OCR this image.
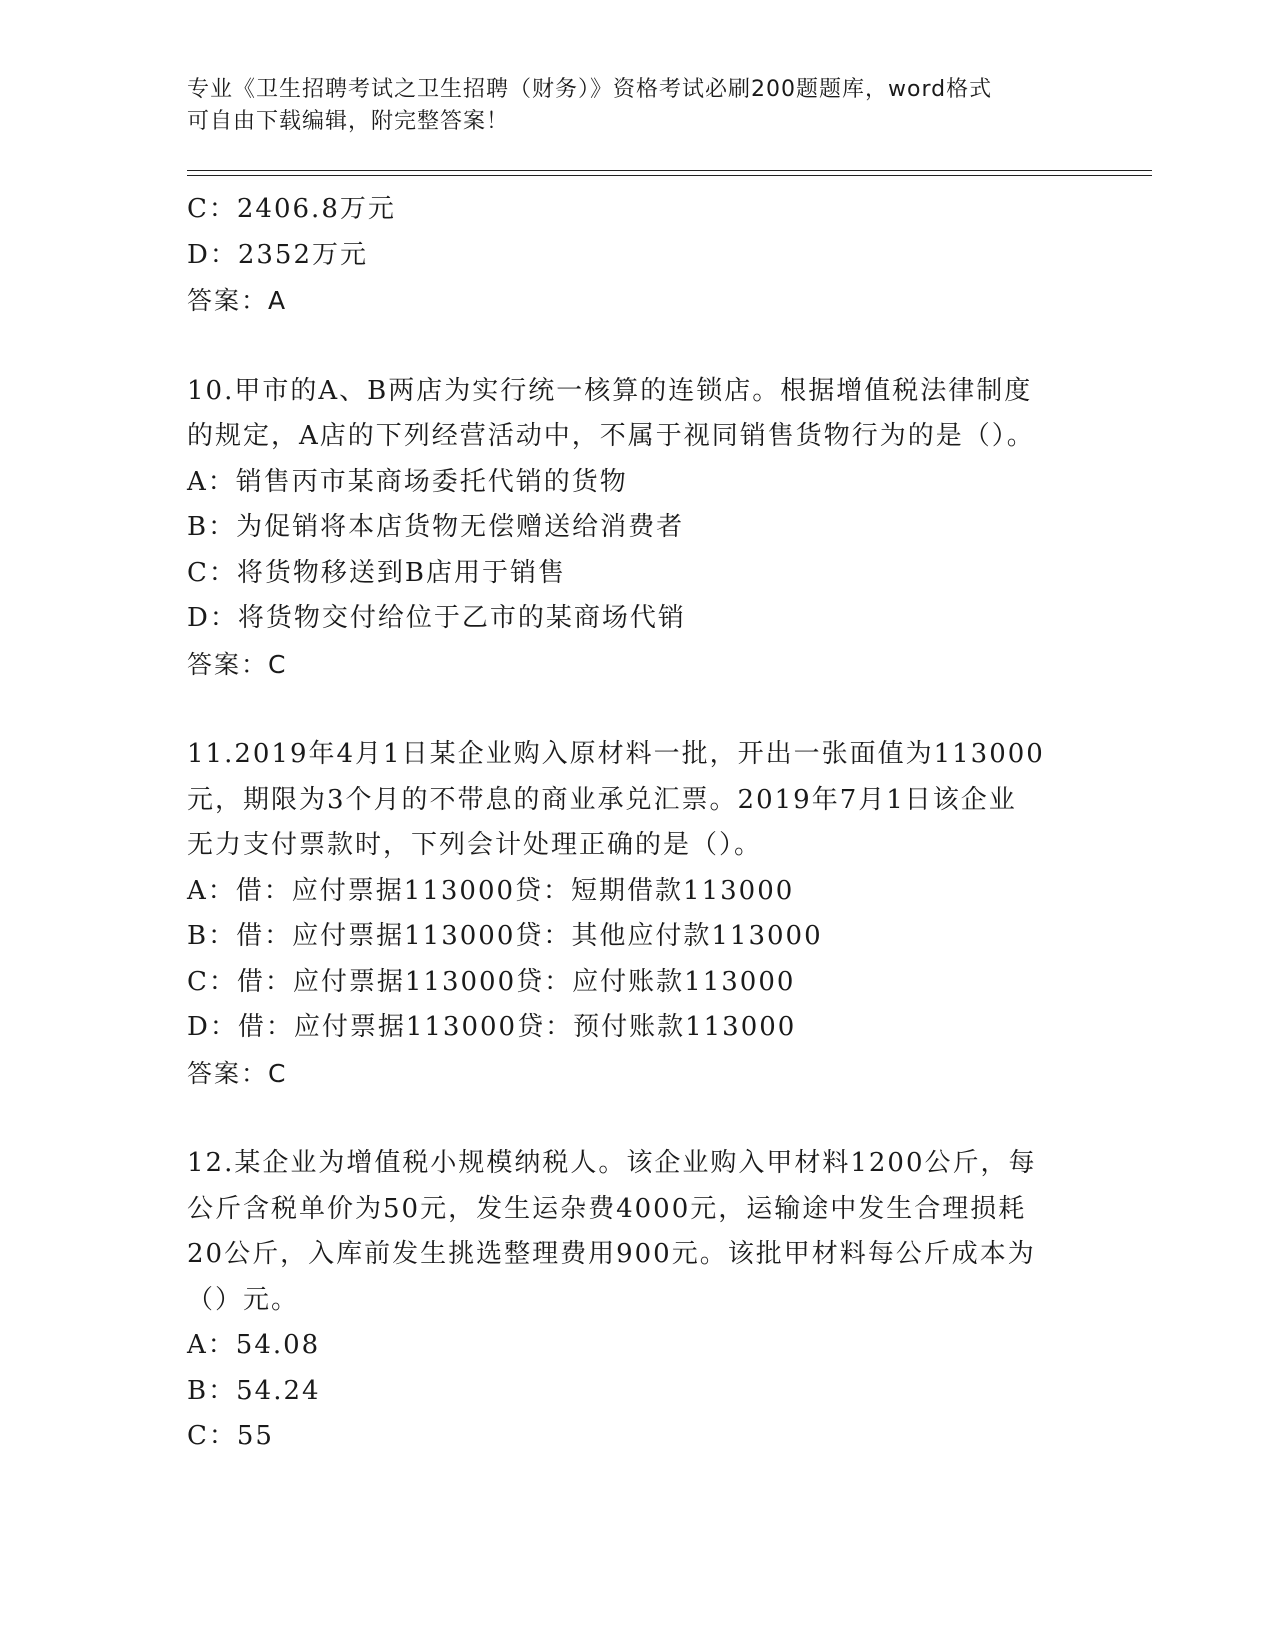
专业《卫生招聘考试之卫生招聘（财务）》资格考试必刷200题题库，word格式
可自由下载编辑，附完整答案！
C：2406.8万元
D：2352万元
答案：A
10.甲市的A、B两店为实行统一核算的连锁店。根据增值税法律制度
的规定，A店的下列经营活动中，不属于视同销售货物行为的是（）。
A：销售丙市某商场委托代销的货物
B：为促销将本店货物无偿赠送给消费者
C：将货物移送到B店用于销售
D：将货物交付给位于乙市的某商场代销
答案：C
11.2019年4月1日某企业购入原材料一批，开出一张面值为113000
元，期限为3个月的不带息的商业承兑汇票。2019年7月1日该企业
无力支付票款时，下列会计处理正确的是（）。
A：借：应付票据113000贷：短期借款113000
B：借：应付票据113000贷：其他应付款113000
C：借：应付票据113000贷：应付账款113000
D：借：应付票据113000贷：预付账款113000
答案：C
12.某企业为增值税小规模纳税人。该企业购入甲材料1200公斤，每
公斤含税单价为50元，发生运杂费4000元，运输途中发生合理损耗
20公斤，入库前发生挑选整理费用900元。该批甲材料每公斤成本为
（）元。
A：54.08
B：54.24
C：55
